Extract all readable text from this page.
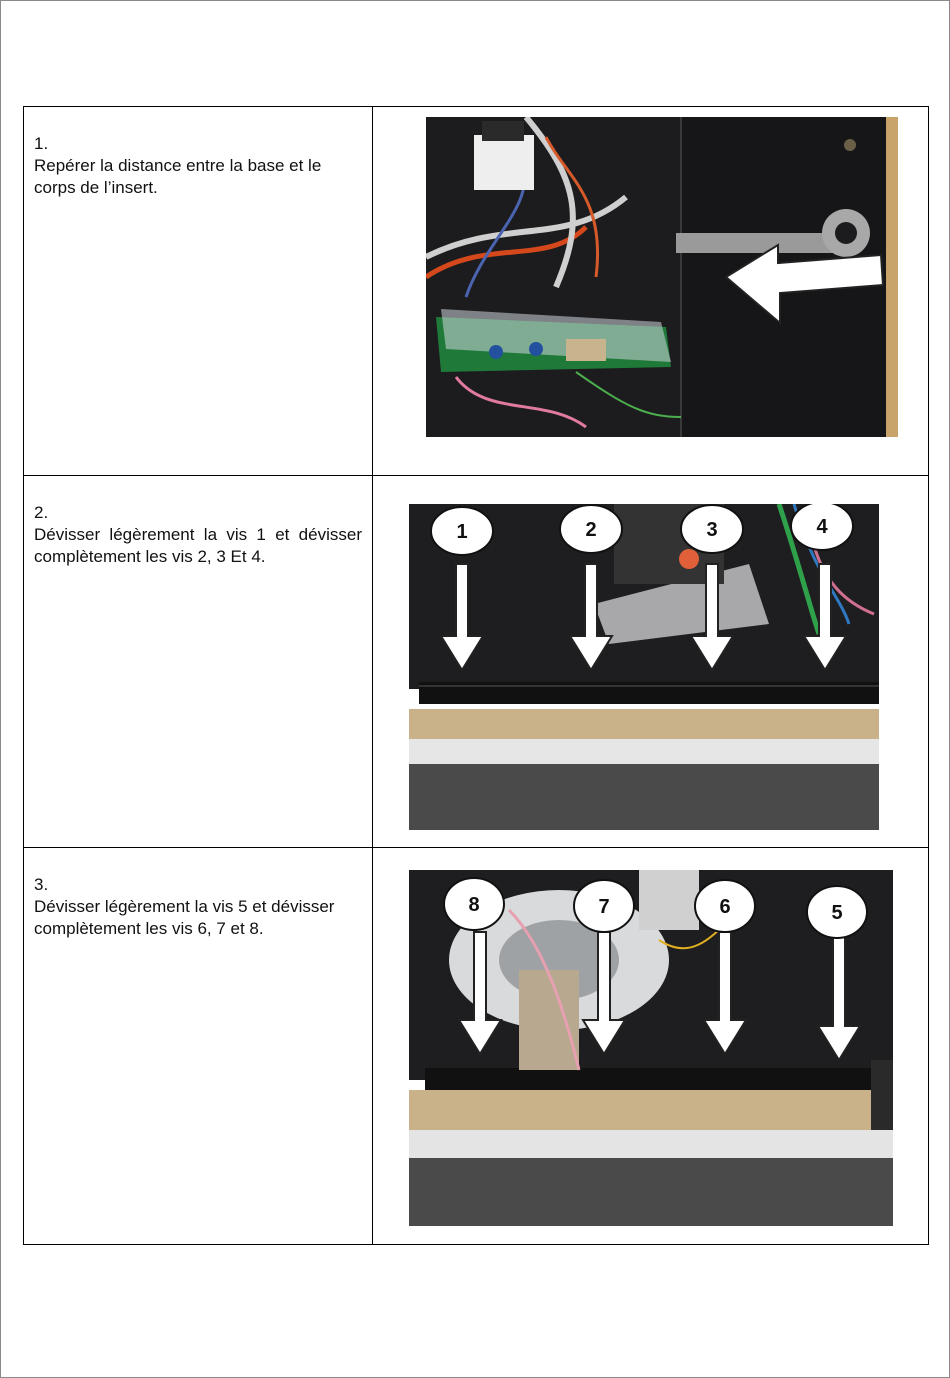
1.
Repérer la distance entre la base et le corps de l’insert.

2.
Dévisser légèrement la vis 1 et dévisser complètement les vis 2, 3 Et 4.	1 2 3 4

3.
Dévisser légèrement la vis 5 et dévisser complètement les vis 6, 7 et 8.	8 7 6 5
